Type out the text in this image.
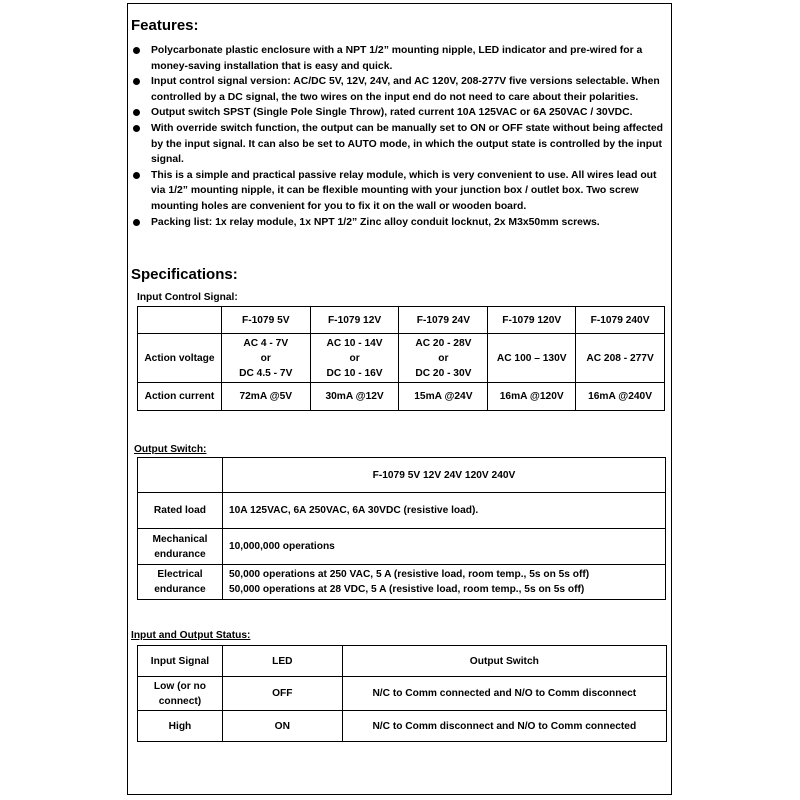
Features:
Polycarbonate plastic enclosure with a NPT 1/2” mounting nipple, LED indicator and pre-wired for a money-saving installation that is easy and quick.
Input control signal version: AC/DC 5V, 12V, 24V, and AC 120V, 208-277V five versions selectable. When controlled by a DC signal, the two wires on the input end do not need to care about their polarities.
Output switch SPST (Single Pole Single Throw), rated current 10A 125VAC or 6A 250VAC / 30VDC.
With override switch function, the output can be manually set to ON or OFF state without being affected by the input signal. It can also be set to AUTO mode, in which the output state is controlled by the input signal.
This is a simple and practical passive relay module, which is very convenient to use. All wires lead out via 1/2” mounting nipple, it can be flexible mounting with your junction box / outlet box. Two screw mounting holes are convenient for you to fix it on the wall or wooden board.
Packing list: 1x relay module, 1x NPT 1/2” Zinc alloy conduit locknut, 2x M3x50mm screws.
Specifications:
Input Control Signal:
	F-1079 5V	F-1079 12V	F-1079 24V	F-1079 120V	F-1079 240V
Action voltage	AC 4 - 7V
or
DC 4.5 - 7V	AC 10 - 14V
or
DC 10 - 16V	AC 20 - 28V
or
DC 20 - 30V	AC 100 – 130V	AC 208 - 277V
Action current	72mA @5V	30mA @12V	15mA @24V	16mA @120V	16mA @240V
Output Switch:
	F-1079 5V 12V 24V 120V 240V
Rated load	10A 125VAC, 6A 250VAC, 6A 30VDC (resistive load).
Mechanical
endurance	10,000,000 operations
Electrical
endurance	50,000 operations at 250 VAC, 5 A (resistive load, room temp., 5s on 5s off)
50,000 operations at 28 VDC, 5 A (resistive load, room temp., 5s on 5s off)
Input and Output Status:
Input Signal	LED	Output Switch
Low (or no
connect)	OFF	N/C to Comm connected and N/O to Comm disconnect
High	ON	N/C to Comm disconnect and N/O to Comm connected
